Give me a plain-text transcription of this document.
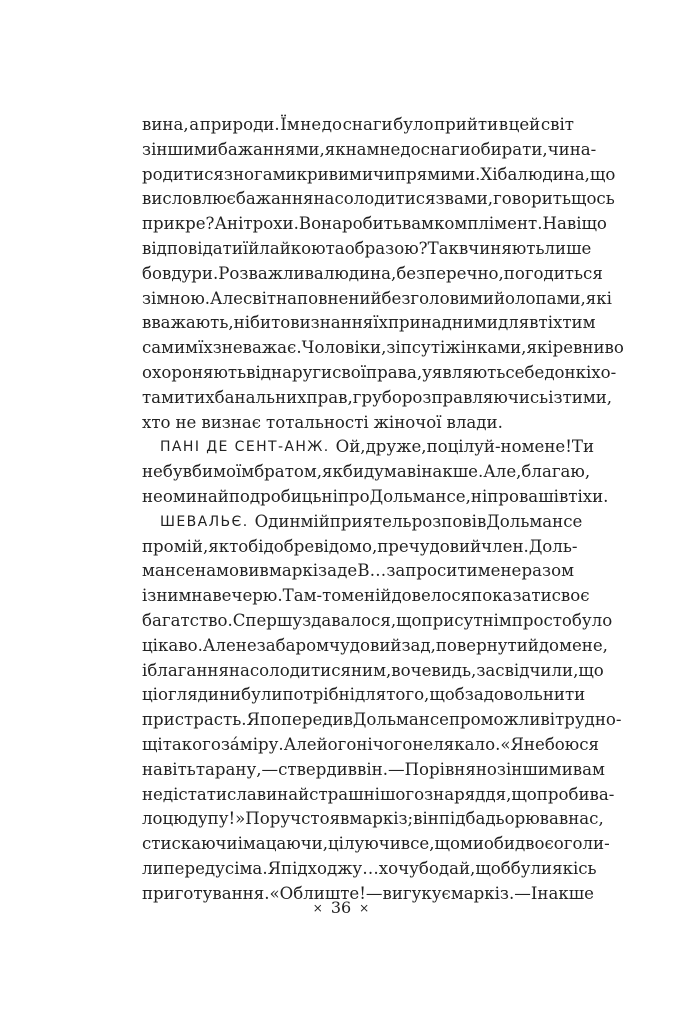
вина, а природи. Їм не до снаги було прийти в цей світ
з іншими бажаннями, як нам не до снаги обирати, чи на-
родитися з ногами кривими чи прямими. Хіба людина, що
висловлює бажання насолодитися з вами, говорить щось
прикре? Анітрохи. Вона робить вам комплімент. Навіщо
відповідати їй лайкою та образою? Так вчиняють лише
бовдури. Розважлива людина, безперечно, погодиться
зі мною. Але світ наповнений безголовими йолопами, які
вважають, нібито визнання їх принадними для втіх тим
самим їх зневажає. Чоловіки, зіпсуті жінками, які ревниво
охороняють від наруги свої права, уявляють себе донкіхо-
тами тих банальних прав, грубо розправляючись із тими,
хто не визнає тотальності жіночої влади.
ПАНІ ДЕ СЕНТ-АНЖ. Ой, друже, поцілуй-но мене! Ти
не був би моїм братом, якби думав інакше. Але, благаю,
не оминай подробиць ні про Дольмансе, ні про ваші втіхи.
ШЕВАЛЬЄ. Один мій приятель розповів Дольмансе
про мій, як тобі добре відомо, пречудовий член. Доль-
мансе намовив маркіза де В… запросити мене разом
із ним на вечерю. Там-то мені й довелося показати своє
багатство. Спершу здавалося, що присутнім просто було
цікаво. Але незабаром чудовий зад, повернутий до мене,
і благання насолодитися ним, вочевидь, засвідчили, що
ці оглядини були потрібні для того, щоб задовольнити
пристрасть. Я попередив Дольмансе про можливі трудно-
щі такого за́міру. Але його нічого не лякало. «Я не боюся
навіть тарану, — ствердив він. — Порівняно з іншими вам
не дістати слави найстрашнішого знаряддя, що пробива-
ло цю дупу!» Поруч стояв маркіз; він підбадьорював нас,
стискаючи і мацаючи, цілуючи все, що ми обидвоє оголи-
ли перед усіма. Я підходжу… хочу бодай, щоб були якісь
приготування. «Облиште! — вигукує маркіз. — Інакше
× 36 ×
